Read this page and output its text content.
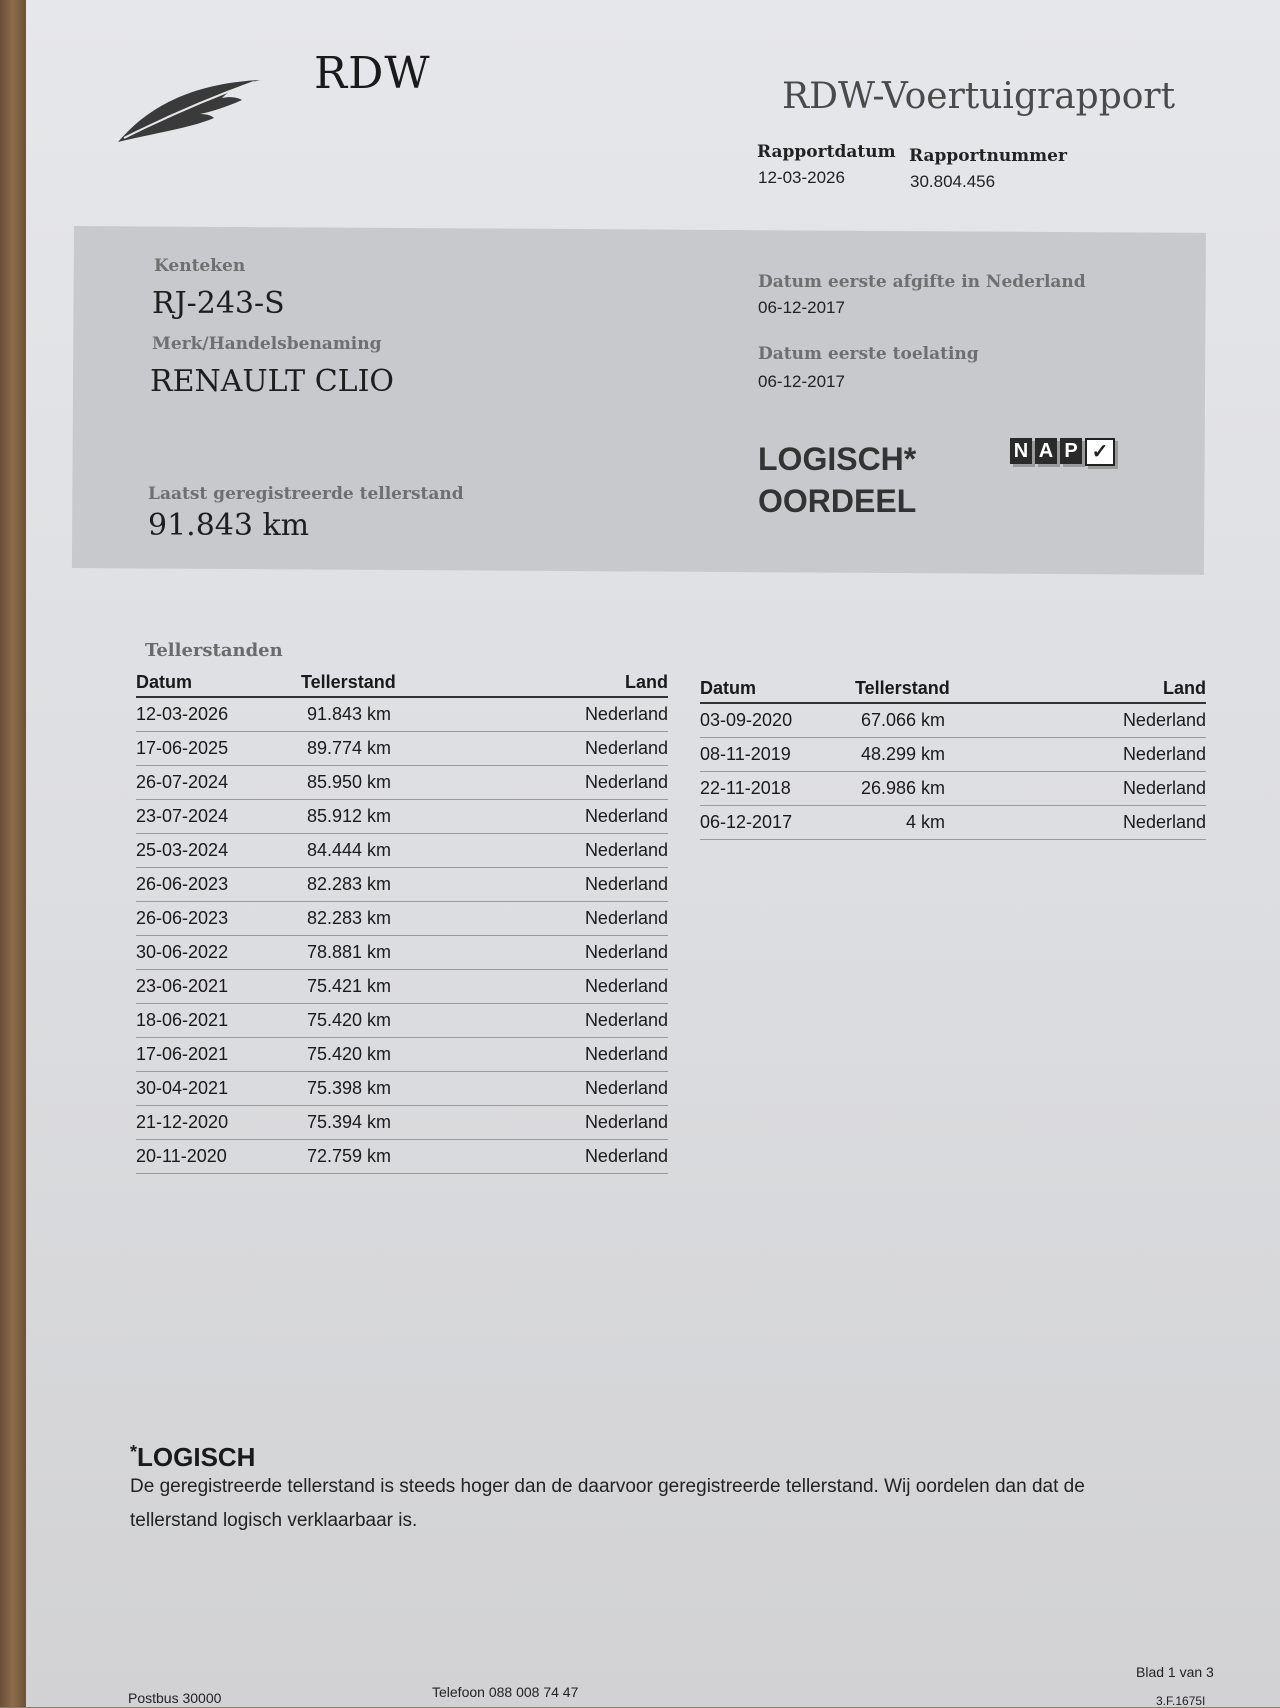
RDW	RDW-Voertuigrapport
Rapportdatum
12-03-2026
Rapportnummer
30.804.456
Kenteken
RJ-243-S
Merk/Handelsbenaming
RENAULT CLIO
Laatst geregistreerde tellerstand
91.843 km
Datum eerste afgifte in Nederland
06-12-2017
Datum eerste toelating
06-12-2017
LOGISCH*
OORDEEL
N A P ✓
Tellerstanden
Datum	Tellerstand	Land
12-03-2026	91.843 km	Nederland
17-06-2025	89.774 km	Nederland
26-07-2024	85.950 km	Nederland
23-07-2024	85.912 km	Nederland
25-03-2024	84.444 km	Nederland
26-06-2023	82.283 km	Nederland
26-06-2023	82.283 km	Nederland
30-06-2022	78.881 km	Nederland
23-06-2021	75.421 km	Nederland
18-06-2021	75.420 km	Nederland
17-06-2021	75.420 km	Nederland
30-04-2021	75.398 km	Nederland
21-12-2020	75.394 km	Nederland
20-11-2020	72.759 km	Nederland
Datum	Tellerstand	Land
03-09-2020	67.066 km	Nederland
08-11-2019	48.299 km	Nederland
22-11-2018	26.986 km	Nederland
06-12-2017	4 km	Nederland
*LOGISCH
De geregistreerde tellerstand is steeds hoger dan de daarvoor geregistreerde tellerstand. Wij oordelen dan dat de
tellerstand logisch verklaarbaar is.
Postbus 30000	Telefoon 088 008 74 47
Blad 1 van 3
3.F.1675I
